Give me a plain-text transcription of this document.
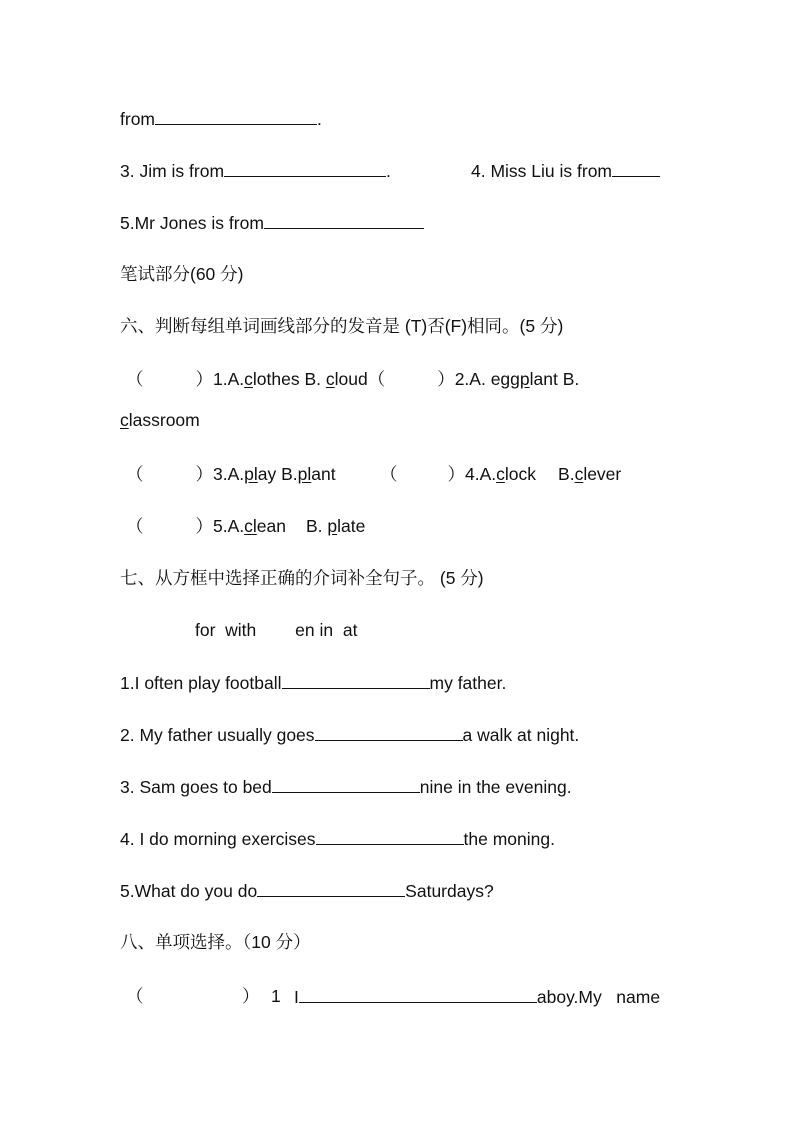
from	.
3. Jim is from	.	4. Miss Liu is from
5.Mr Jones is from
笔试部分(60 分)
六、判断每组单词画线部分的发音是 (T)否(F)相同。(5 分)
（	）1.A.clothes B. cloud（	）2.A. eggplant B.
classroom
（	）3.A.play B.plant	（	）4.A.clock B.clever
（	）5.A.clean B. plate
七、从方框中选择正确的介词补全句子。 (5 分)
for  with        en in  at
1.I often play football	my father.
2. My father usually goes	a walk at night.
3. Sam goes to bed	nine in the evening.
4. I do morning exercises	the moning.
5.What do you do	Saturdays?
八、单项选择。（10 分）
（	） 1 I	aboy.My   name
